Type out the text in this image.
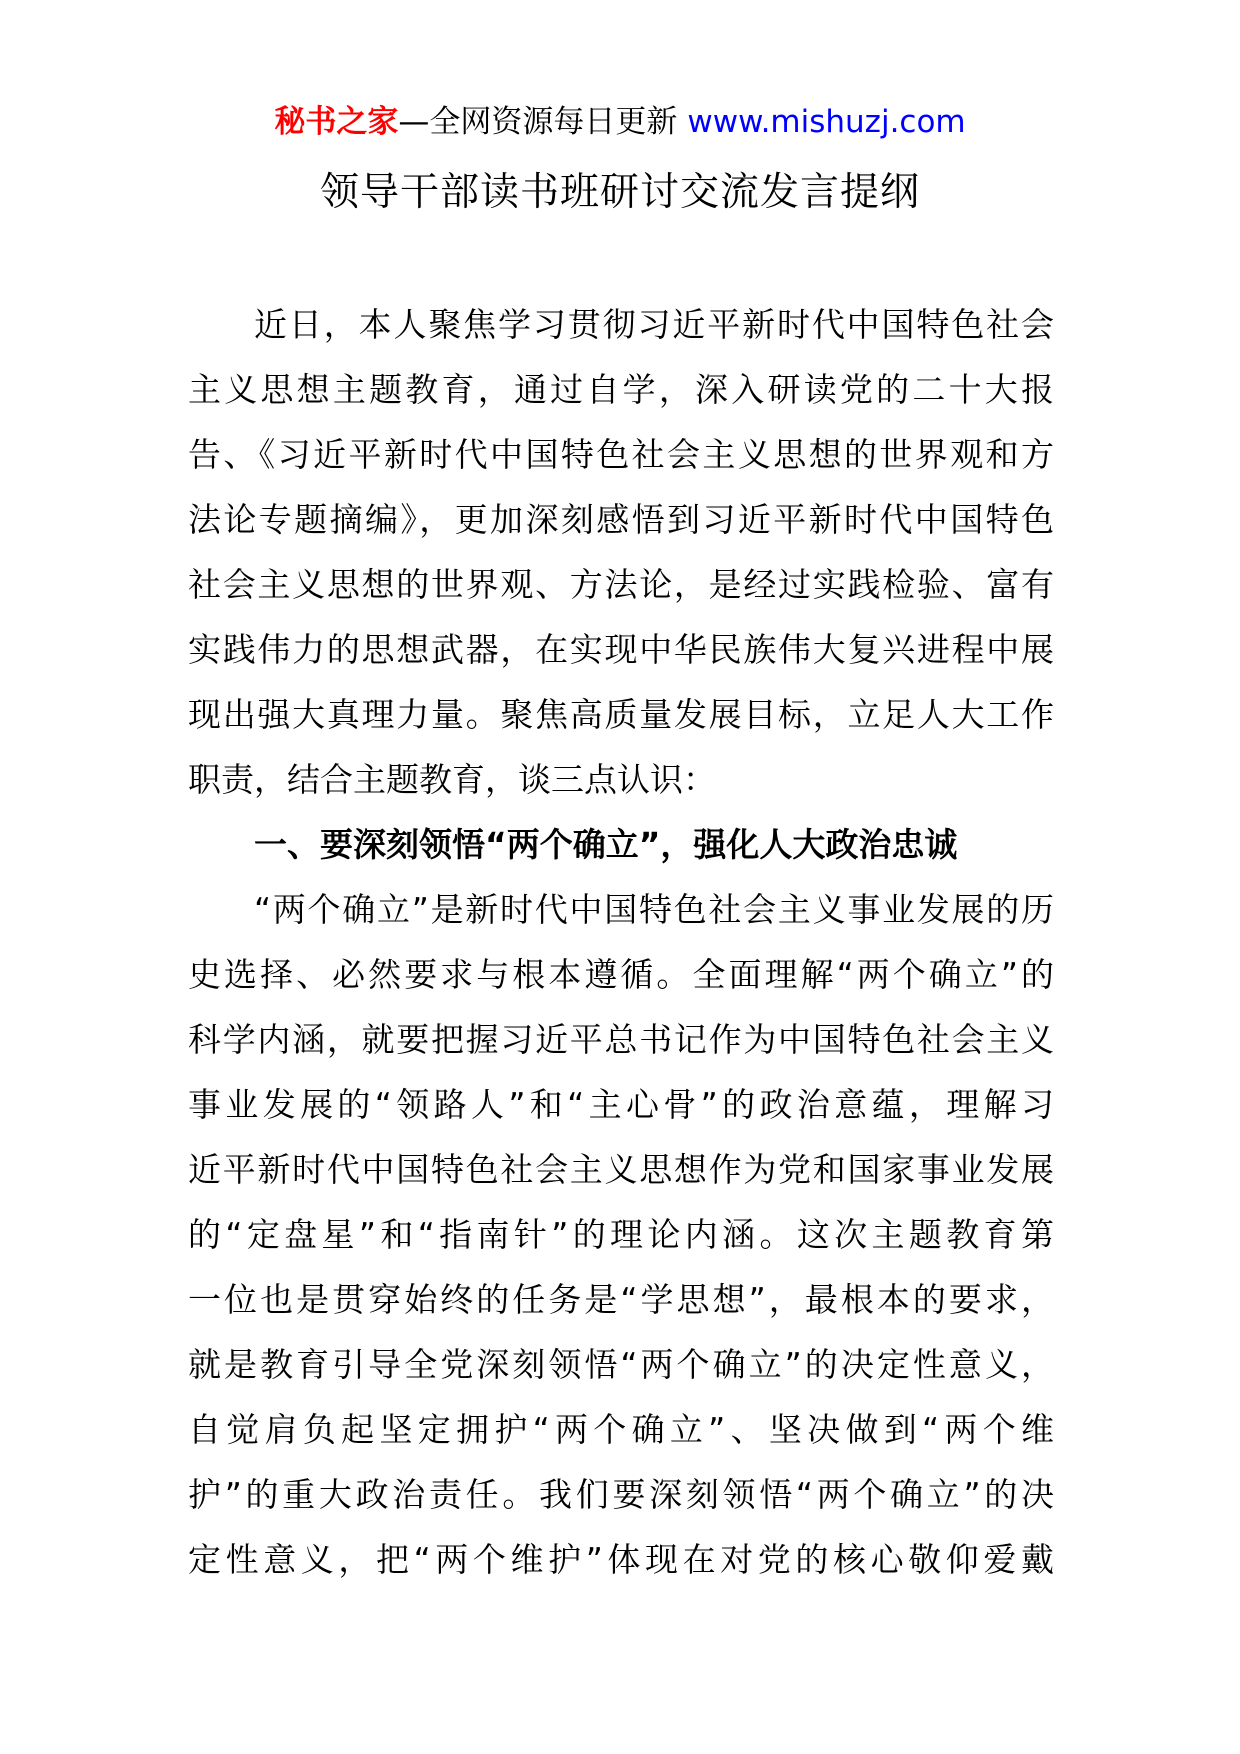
秘书之家—全网资源每日更新 www.mishuzj.com
领导干部读书班研讨交流发言提纲
近日，本人聚焦学习贯彻习近平新时代中国特色社会
主义思想主题教育，通过自学，深入研读党的二十大报
告、《习近平新时代中国特色社会主义思想的世界观和方
法论专题摘编》，更加深刻感悟到习近平新时代中国特色
社会主义思想的世界观、方法论，是经过实践检验、富有
实践伟力的思想武器，在实现中华民族伟大复兴进程中展
现出强大真理力量。聚焦高质量发展目标，立足人大工作
职责，结合主题教育，谈三点认识：
一、要深刻领悟“两个确立”，强化人大政治忠诚
“两个确立”是新时代中国特色社会主义事业发展的历
史选择、必然要求与根本遵循。全面理解“两个确立”的
科学内涵，就要把握习近平总书记作为中国特色社会主义
事业发展的“领路人”和“主心骨”的政治意蕴，理解习
近平新时代中国特色社会主义思想作为党和国家事业发展
的“定盘星”和“指南针”的理论内涵。这次主题教育第
一位也是贯穿始终的任务是“学思想”，最根本的要求，
就是教育引导全党深刻领悟“两个确立”的决定性意义，
自觉肩负起坚定拥护“两个确立”、坚决做到“两个维
护”的重大政治责任。我们要深刻领悟“两个确立”的决
定性意义，把“两个维护”体现在对党的核心敬仰爱戴
